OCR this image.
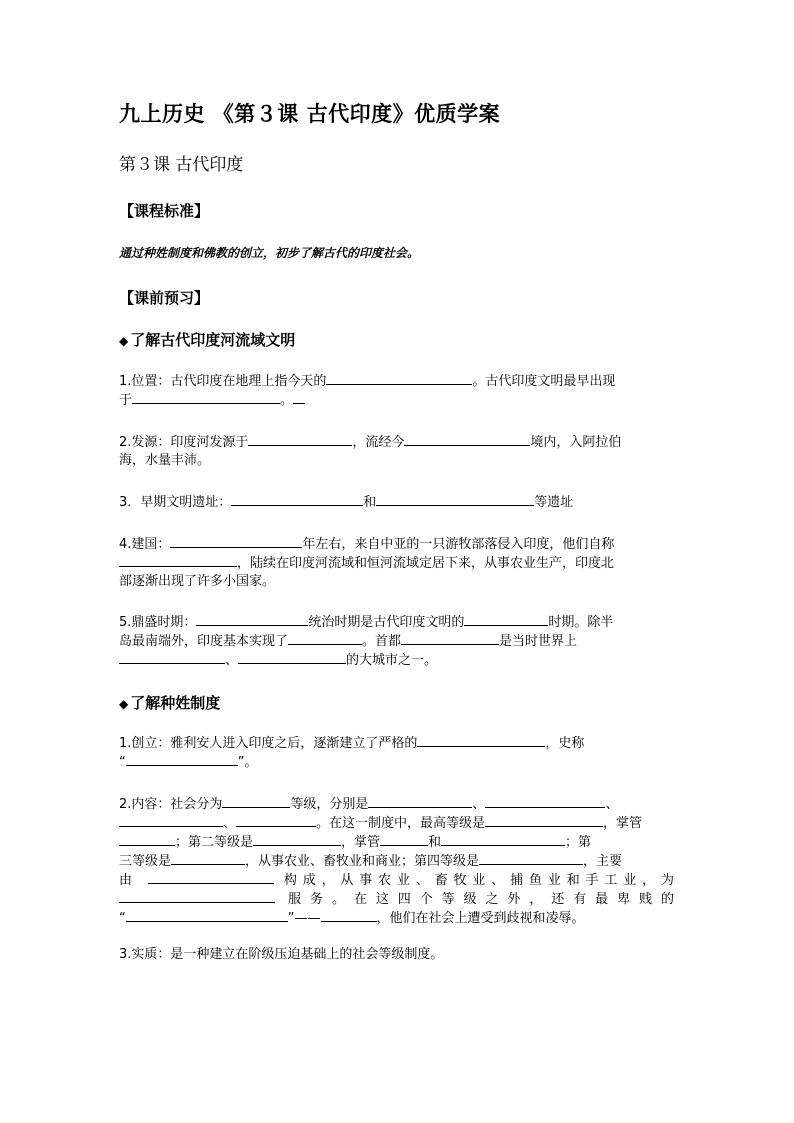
九上历史 《第３课 古代印度》优质学案
第３课 古代印度
【课程标准】
通过种姓制度和佛教的创立，初步了解古代的印度社会。
【课前预习】
◆ 了解古代印度河流域文明
1.位置：古代印度在地理上指今天的	。古代印度文明最早出现
于	。
2.发源：印度河发源于	，流经今	境内，入阿拉伯
海，水量丰沛。
3．早期文明遗址：	和	等遗址
4.建国：	年左右，来自中亚的一只游牧部落侵入印度，他们自称
，陆续在印度河流域和恒河流域定居下来，从事农业生产，印度北
部逐渐出现了许多小国家。
5.鼎盛时期：	统治时期是古代印度文明的	时期。除半
岛最南端外，印度基本实现了	。首都	是当时世界上
、	的大城市之一。
◆ 了解种姓制度
1.创立：雅利安人进入印度之后，逐渐建立了严格的	，史称
“	”。
2.内容：社会分为	等级，分别是	、	、
、	。在这一制度中，最高等级是	，掌管
；第二等级是	，掌管	和	；第
三等级是	，从事农业、畜牧业和商业；第四等级是	，主要
由	构成，从事农业、畜牧业、捕鱼业和手工业，为
服务。在这四个等级之外，还有最卑贱的
“	”——	，他们在社会上遭受到歧视和凌辱。
3.实质：是一种建立在阶级压迫基础上的社会等级制度。
